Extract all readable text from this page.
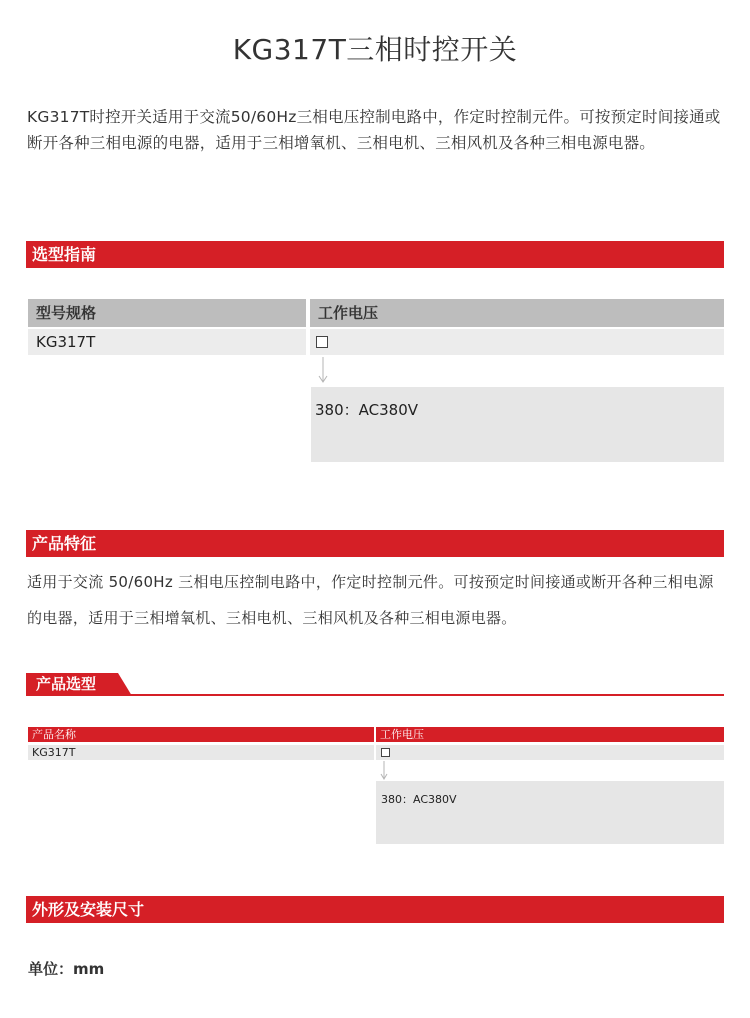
KG317T三相时控开关
KG317T时控开关适用于交流50/60Hz三相电压控制电路中，作定时控制元件。可按预定时间接通或断开各种三相电源的电器，适用于三相增氧机、三相电机、三相风机及各种三相电源电器。
选型指南
型号规格	工作电压
KG317T
380：AC380V
产品特征
适用于交流 50/60Hz 三相电压控制电路中，作定时控制元件。可按预定时间接通或断开各种三相电源的电器，适用于三相增氧机、三相电机、三相风机及各种三相电源电器。
产品选型
产品名称	工作电压
KG317T
380：AC380V
外形及安装尺寸
单位：mm
